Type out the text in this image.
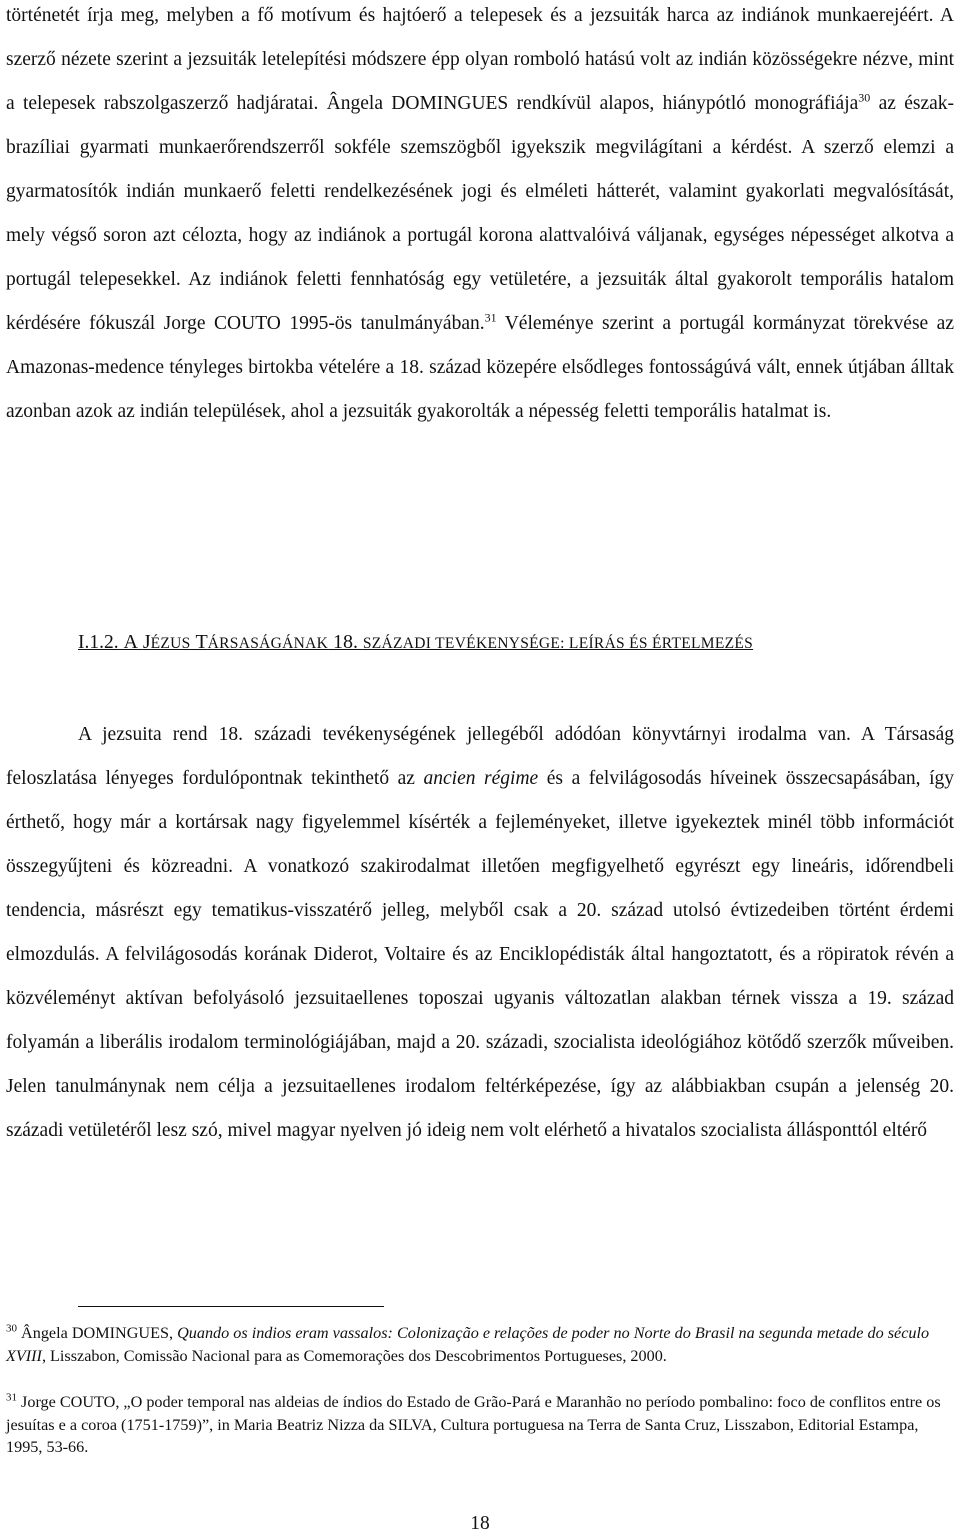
történetét írja meg, melyben a fő motívum és hajtóerő a telepesek és a jezsuiták harca az indiánok munkaerejéért. A szerző nézete szerint a jezsuiták letelepítési módszere épp olyan romboló hatású volt az indián közösségekre nézve, mint a telepesek rabszolgaszerző hadjáratai. Ângela DOMINGUES rendkívül alapos, hiánypótló monográfiája$^{30}$ az észak-brazíliai gyarmati munkaerőrendszerről sokféle szemszögből igyekszik megvilágítani a kérdést. A szerző elemzi a gyarmatosítók indián munkaerő feletti rendelkezésének jogi és elméleti hátterét, valamint gyakorlati megvalósítását, mely végső soron azt célozta, hogy az indiánok a portugál korona alattvalóivá váljanak, egységes népességet alkotva a portugál telepesekkel. Az indiánok feletti fennhatóság egy vetületére, a jezsuiták által gyakorolt temporális hatalom kérdésére fókuszál Jorge COUTO 1995-ös tanulmányában.$^{31}$ Véleménye szerint a portugál kormányzat törekvése az Amazonas-medence tényleges birtokba vételére a 18. század közepére elsődleges fontosságúvá vált, ennek útjában álltak azonban azok az indián települések, ahol a jezsuiták gyakorolták a népesség feletti temporális hatalmat is.

I.1.2. A JÉZUS TÁRSASÁGÁNAK 18. SZÁZADI TEVÉKENYSÉGE: LEÍRÁS ÉS ÉRTELMEZÉS

A jezsuita rend 18. századi tevékenységének jellegéből adódóan könyvtárnyi irodalma van. A Társaság feloszlatása lényeges fordulópontnak tekinthető az ancien régime és a felvilágosodás híveinek összecsapásában, így érthető, hogy már a kortársak nagy figyelemmel kísérték a fejleményeket, illetve igyekeztek minél több információt összegyűjteni és közreadni. A vonatkozó szakirodalmat illetően megfigyelhető egyrészt egy lineáris, időrendbeli tendencia, másrészt egy tematikus-visszatérő jelleg, melyből csak a 20. század utolsó évtizedeiben történt érdemi elmozdulás. A felvilágosodás korának Diderot, Voltaire és az Enciklopédisták által hangoztatott, és a röpiratok révén a közvéleményt aktívan befolyásoló jezsuitaellenes toposzai ugyanis változatlan alakban térnek vissza a 19. század folyamán a liberális irodalom terminológiájában, majd a 20. századi, szocialista ideológiához kötődő szerzők műveiben. Jelen tanulmánynak nem célja a jezsuitaellenes irodalom feltérképezése, így az alábbiakban csupán a jelenség 20. századi vetületéről lesz szó, mivel magyar nyelven jó ideig nem volt elérhető a hivatalos szocialista állásponttól eltérő

$^{30}$ Ângela DOMINGUES, Quando os indios eram vassalos: Colonização e relações de poder no Norte do Brasil na segunda metade do século XVIII, Lisszabon, Comissão Nacional para as Comemorações dos Descobrimentos Portugueses, 2000.

$^{31}$ Jorge COUTO, „O poder temporal nas aldeias de índios do Estado de Grão-Pará e Maranhão no período pombalino: foco de conflitos entre os jesuítas e a coroa (1751-1759)”, in Maria Beatriz Nizza da SILVA, Cultura portuguesa na Terra de Santa Cruz, Lisszabon, Editorial Estampa, 1995, 53-66.

18
